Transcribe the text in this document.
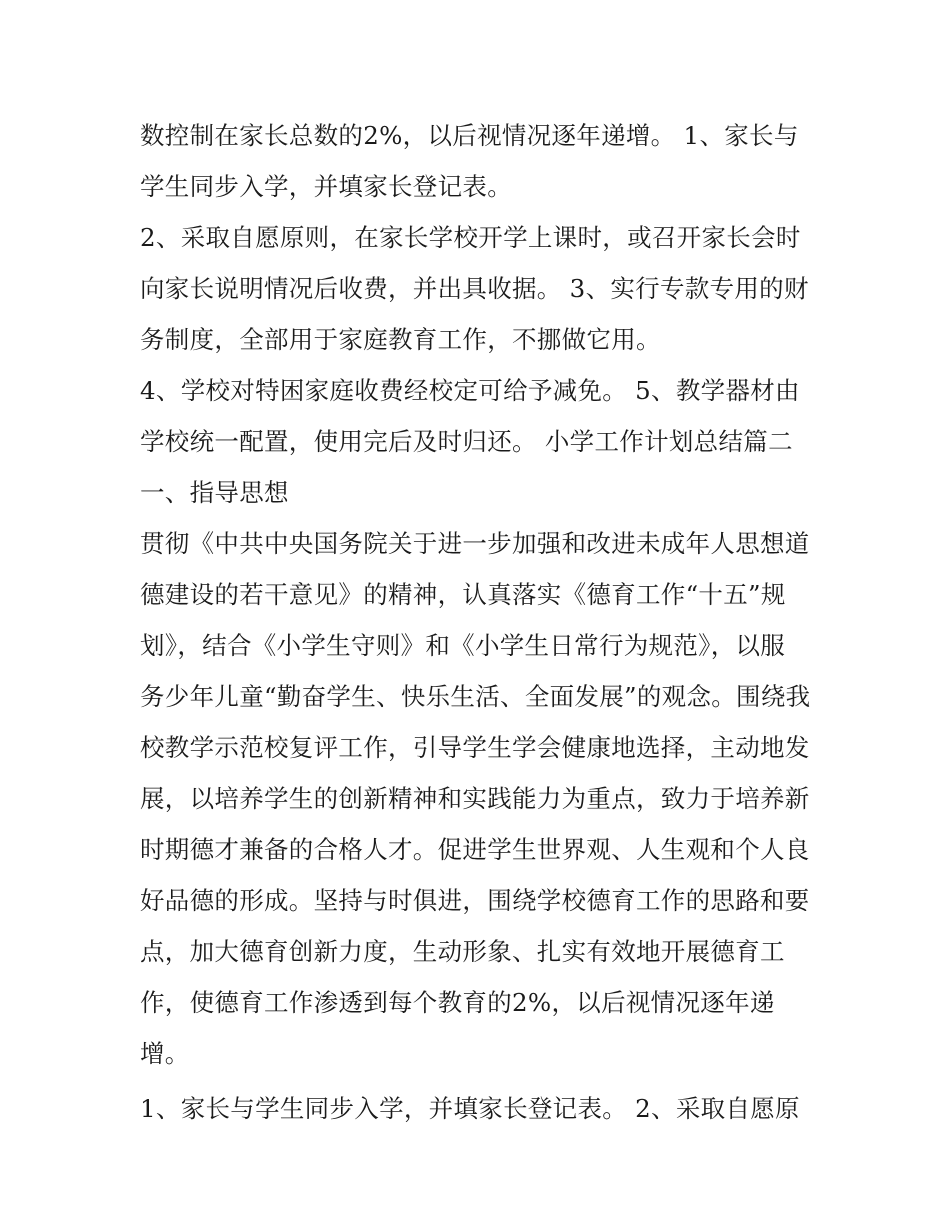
数控制在家长总数的2%，以后视情况逐年递增。 1、家长与
学生同步入学，并填家长登记表。
2、采取自愿原则，在家长学校开学上课时，或召开家长会时
向家长说明情况后收费，并出具收据。 3、实行专款专用的财
务制度，全部用于家庭教育工作，不挪做它用。
4、学校对特困家庭收费经校定可给予减免。 5、教学器材由
学校统一配置，使用完后及时归还。 小学工作计划总结篇二
一、指导思想
贯彻《中共中央国务院关于进一步加强和改进未成年人思想道
德建设的若干意见》的精神，认真落实《德育工作“十五”规
划》，结合《小学生守则》和《小学生日常行为规范》，以服
务少年儿童“勤奋学生、快乐生活、全面发展”的观念。围绕我
校教学示范校复评工作，引导学生学会健康地选择，主动地发
展，以培养学生的创新精神和实践能力为重点，致力于培养新
时期德才兼备的合格人才。促进学生世界观、人生观和个人良
好品德的形成。坚持与时俱进，围绕学校德育工作的思路和要
点，加大德育创新力度，生动形象、扎实有效地开展德育工
作，使德育工作渗透到每个教育的2%，以后视情况逐年递
增。
1、家长与学生同步入学，并填家长登记表。 2、采取自愿原
